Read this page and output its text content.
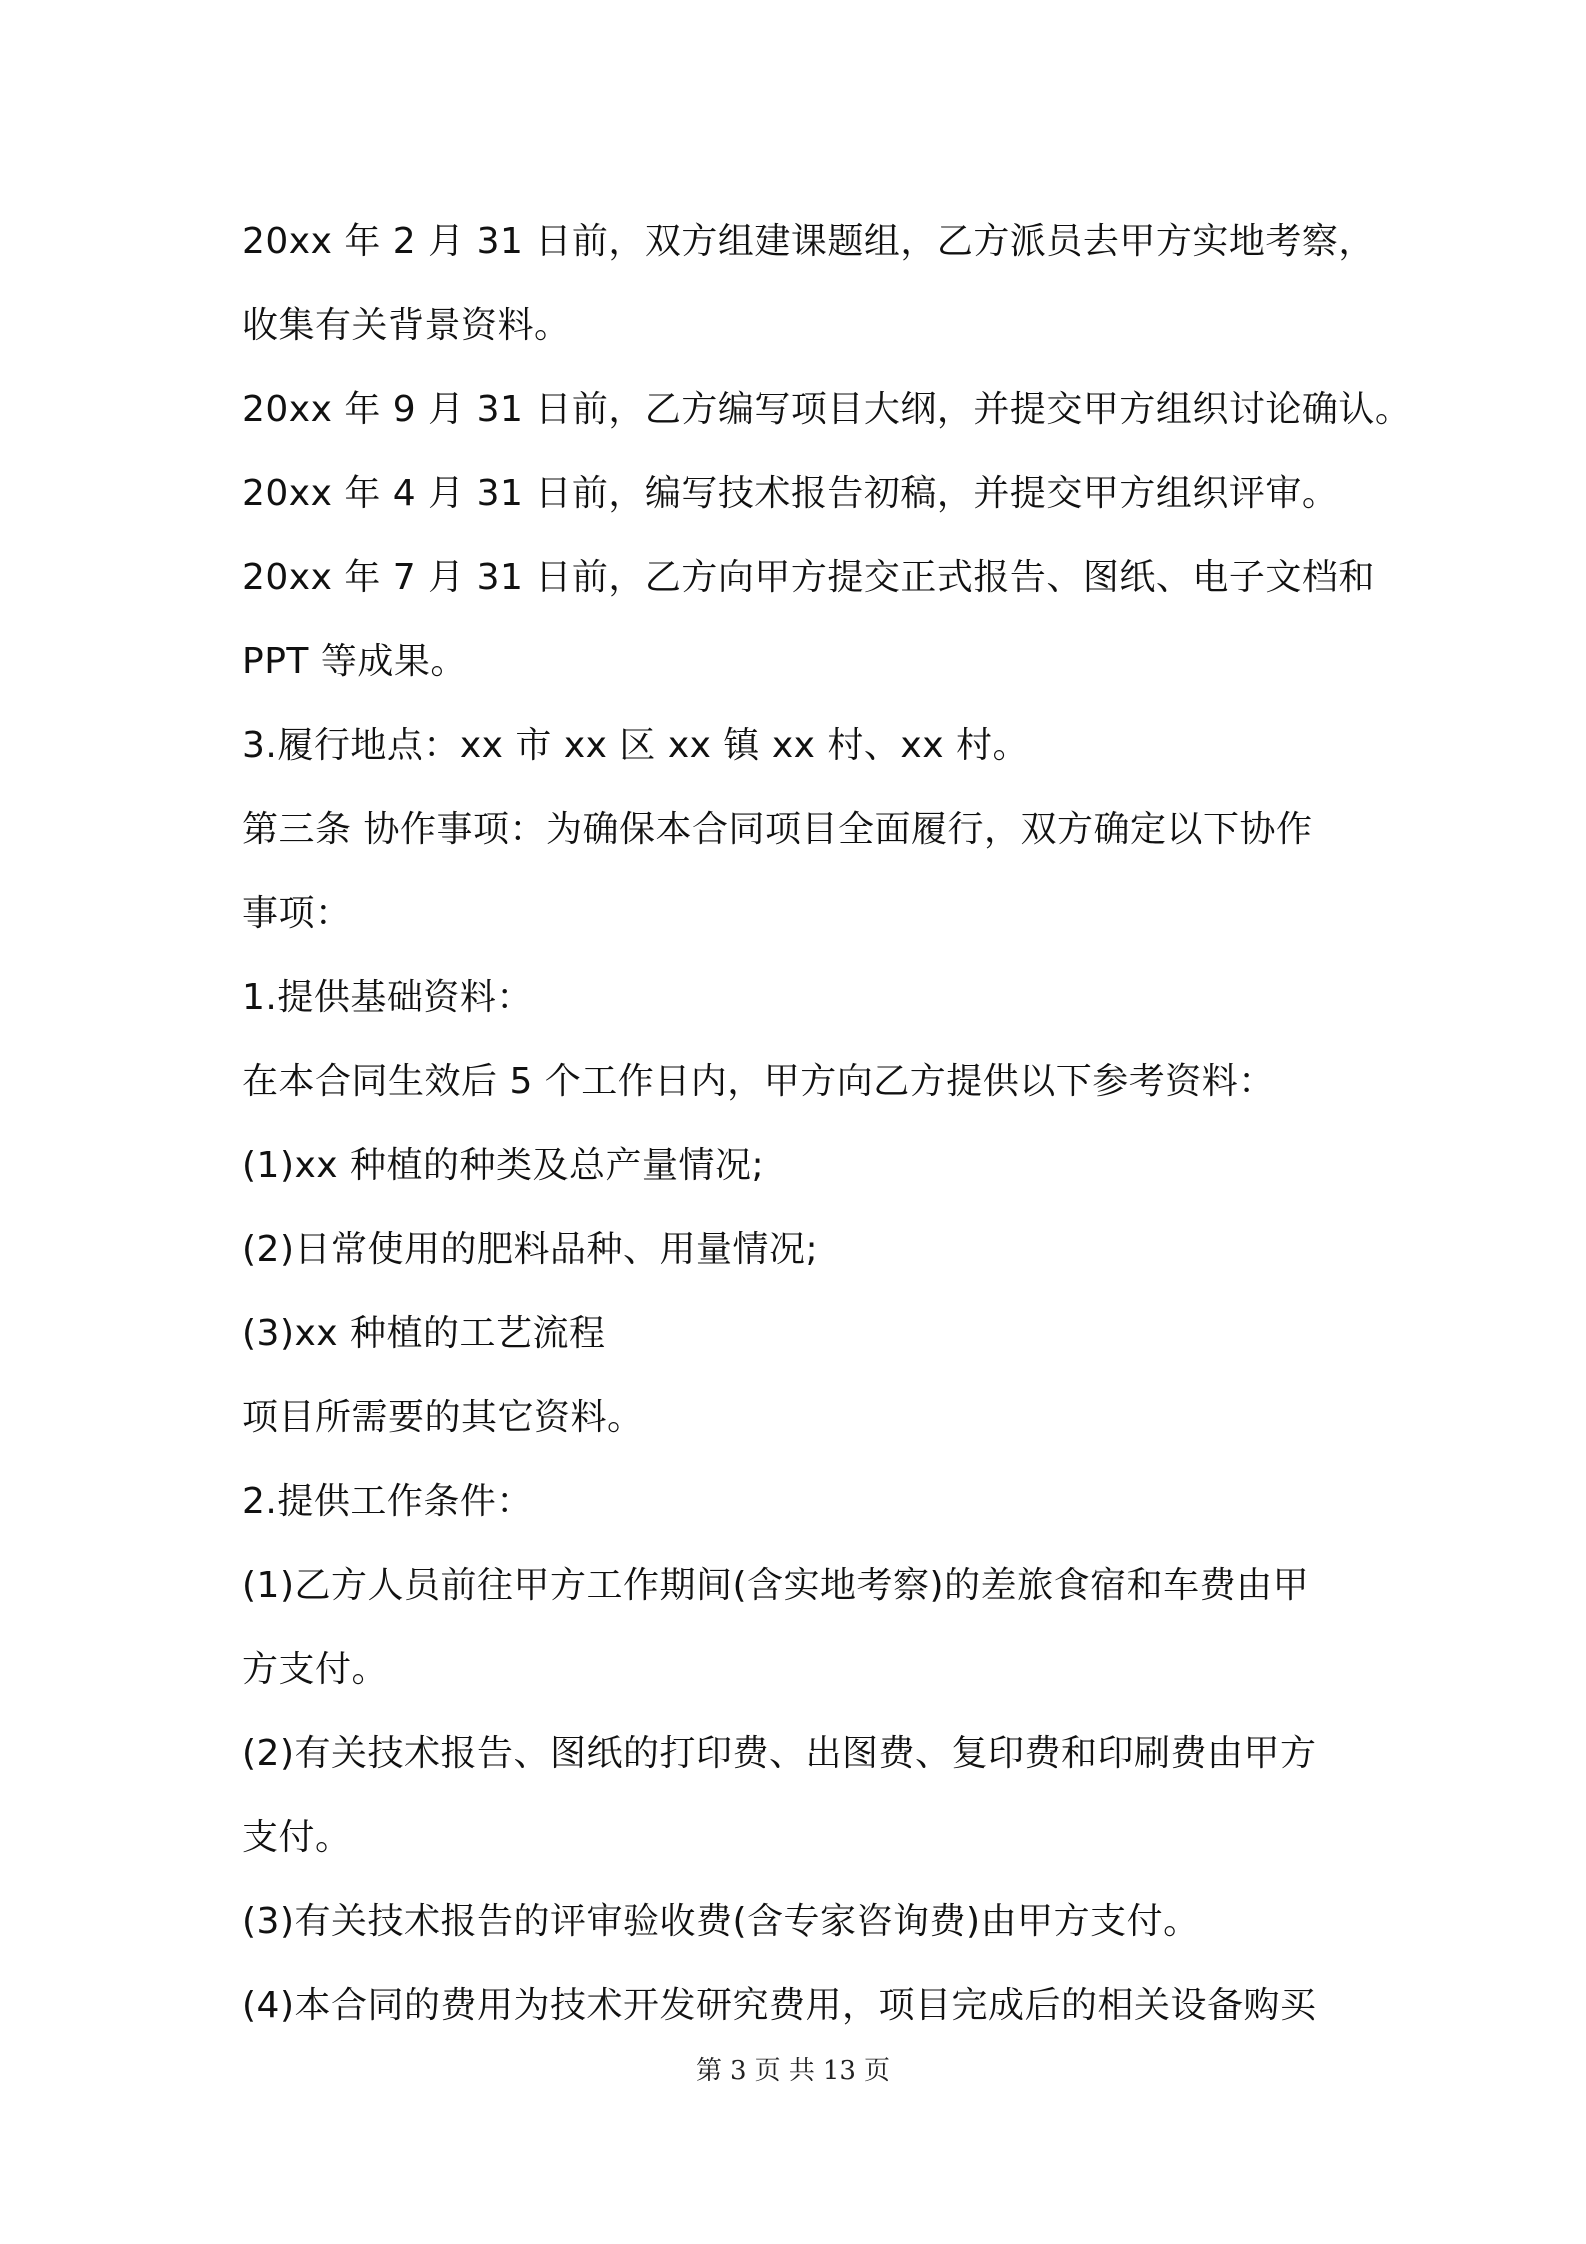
20xx 年 2 月 31 日前，双方组建课题组，乙方派员去甲方实地考察，
收集有关背景资料。
20xx 年 9 月 31 日前，乙方编写项目大纲，并提交甲方组织讨论确认。
20xx 年 4 月 31 日前，编写技术报告初稿，并提交甲方组织评审。
20xx 年 7 月 31 日前，乙方向甲方提交正式报告、图纸、电子文档和
PPT 等成果。
3.履行地点：xx 市 xx 区 xx 镇 xx 村、xx 村。
第三条 协作事项：为确保本合同项目全面履行，双方确定以下协作
事项：
1.提供基础资料：
在本合同生效后 5 个工作日内，甲方向乙方提供以下参考资料：
(1)xx 种植的种类及总产量情况;
(2)日常使用的肥料品种、用量情况;
(3)xx 种植的工艺流程
项目所需要的其它资料。
2.提供工作条件：
(1)乙方人员前往甲方工作期间(含实地考察)的差旅食宿和车费由甲
方支付。
(2)有关技术报告、图纸的打印费、出图费、复印费和印刷费由甲方
支付。
(3)有关技术报告的评审验收费(含专家咨询费)由甲方支付。
(4)本合同的费用为技术开发研究费用，项目完成后的相关设备购买
第 3 页 共 13 页
